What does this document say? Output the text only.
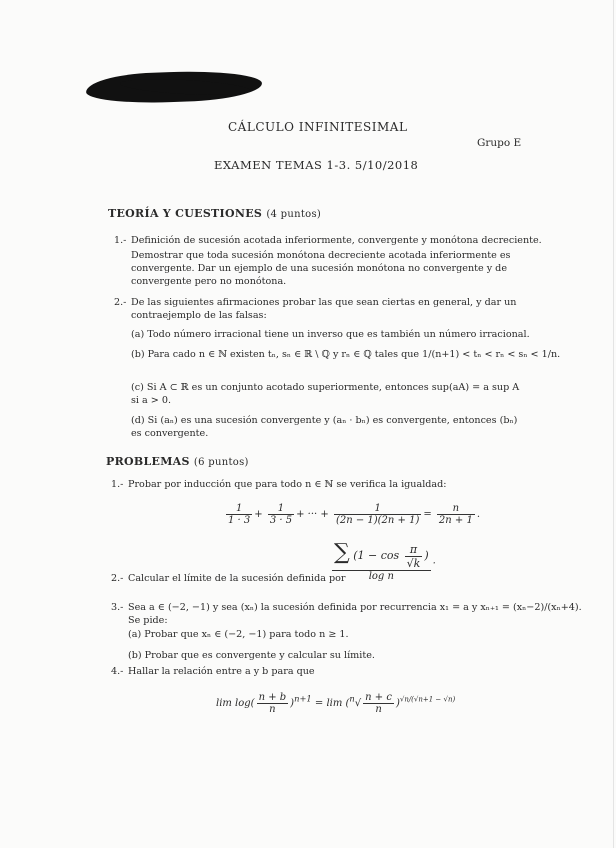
CÁLCULO INFINITESIMAL
Grupo E
EXAMEN TEMAS 1-3. 5/10/2018
TEORÍA Y CUESTIONES (4 puntos)
1.- Definición de sucesión acotada inferiormente, convergente y monótona decreciente.
Demostrar que toda sucesión monótona decreciente acotada inferiormente es convergente. Dar un ejemplo de una sucesión monótona no convergente y de convergente pero no monótona.
2.- De las siguientes afirmaciones probar las que sean ciertas en general, y dar un contraejemplo de las falsas:
(a) Todo número irracional tiene un inverso que es también un número irracional.
(b) Para cado n ∈ ℕ existen tₙ, sₙ ∈ ℝ \ ℚ y rₙ ∈ ℚ tales que 1/(n+1) < tₙ < rₙ < sₙ < 1/n.
(c) Si A ⊂ ℝ es un conjunto acotado superiormente, entonces sup(aA) = a sup A si a > 0.
(d) Si (aₙ) es una sucesión convergente y (aₙ · bₙ) es convergente, entonces (bₙ) es convergente.
PROBLEMAS (6 puntos)
1.- Probar por inducción que para todo n ∈ ℕ se verifica la igualdad:
$\frac{1}{1 \cdot 3} + \frac{1}{3 \cdot 5}$ + ··· + $\frac{1}{(2n - 1)(2n + 1)} = \frac{n}{2n + 1}$ .
2.- Calcular el límite de la sucesión definida por
$\frac{\sum (1 - \cos \frac{\pi}{√k} )}{\text{log n}}$ .
3.- Sea a ∈ (−2, −1) y sea (xₙ) la sucesión definida por recurrencia x₁ = a y xₙ₊₁ = (xₙ−2)/(xₙ+4).
Se pide:
(a) Probar que xₙ ∈ (−2, −1) para todo n ≥ 1.
(b) Probar que es convergente y calcular su límite.
4.- Hallar la relación entre a y b para que
$\lim \log( \frac{n + b}{n} )^{n+1} = \lim (^n√ \frac{n + c}{n} )^{√n/(√n+1 - √n)}$
